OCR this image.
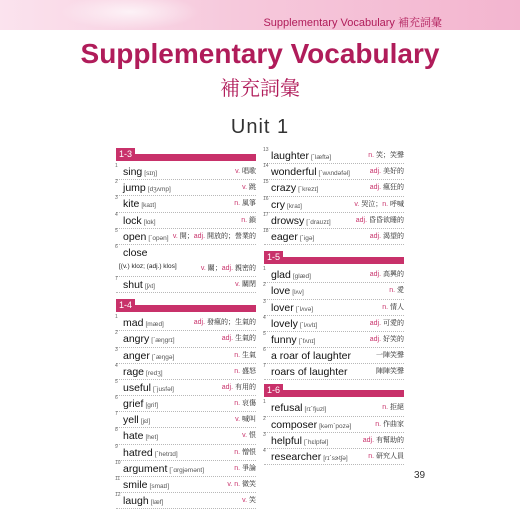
Supplementary Vocabulary 補充詞彙
Supplementary Vocabulary
補充詞彙
Unit 1
1-3
1 sing [sɪŋ]	v. 唱歌
2 jump [dʒʌmp]	v. 跳
3 kite [kaɪt]	n. 風箏
4 lock [lɑk]	n. 鎖
5 open [ˋopən] v. 開；adj. 開放的；營業的
6 close
[(v.) kloz; (adj.) klos]	v. 關；adj. 親密的
7 shut [ʃʌt]	v. 關閉
1-4
1 mad [mæd]	adj. 發瘋的；生氣的
2 angry [ˋæŋgrɪ]	adj. 生氣的
3 anger [ˋæŋgə]	n. 生氣
4 rage [redʒ]	n. 盛怒
5 useful [ˋjusfəl]	adj. 有用的
6 grief [grif]	n. 哀傷
7 yell [jɛl]	v. 喊叫
8 hate [het]	v. 恨
9 hatred [ˋhetrɪd]	n. 憎恨
10 argument [ˋɑrgjəmənt]	n. 爭論
11 smile [smaɪl]	v. n. 微笑
12 laugh [læf]	v. 笑
13 laughter [ˋlæftə]	n. 笑；笑聲
14 wonderful [ˋwʌndəfəl]	adj. 美好的
15 crazy [ˋkrezɪ]	adj. 瘋狂的
16 cry [kraɪ]	v. 哭泣；n. 呼喊
17 drowsy [ˋdraʊzɪ]	adj. 昏昏欲睡的
18 eager [ˋigə]	adj. 渴望的
1-5
1 glad [glæd]	adj. 高興的
2 love [lʌv]	n. 愛
3 lover [ˋlʌvə]	n. 情人
4 lovely [ˋlʌvlɪ]	adj. 可愛的
5 funny [ˋfʌnɪ]	adj. 好笑的
6 a roar of laughter	一陣笑聲
7 roars of laughter	陣陣笑聲
1-6
1 refusal [rɪˋfjuzl]	n. 拒絕
2 composer [kəmˋpozə]	n. 作曲家
3 helpful [ˋhɛlpfəl]	adj. 有幫助的
4 researcher [rɪˋsɝtʃə]	n. 研究人員
39
